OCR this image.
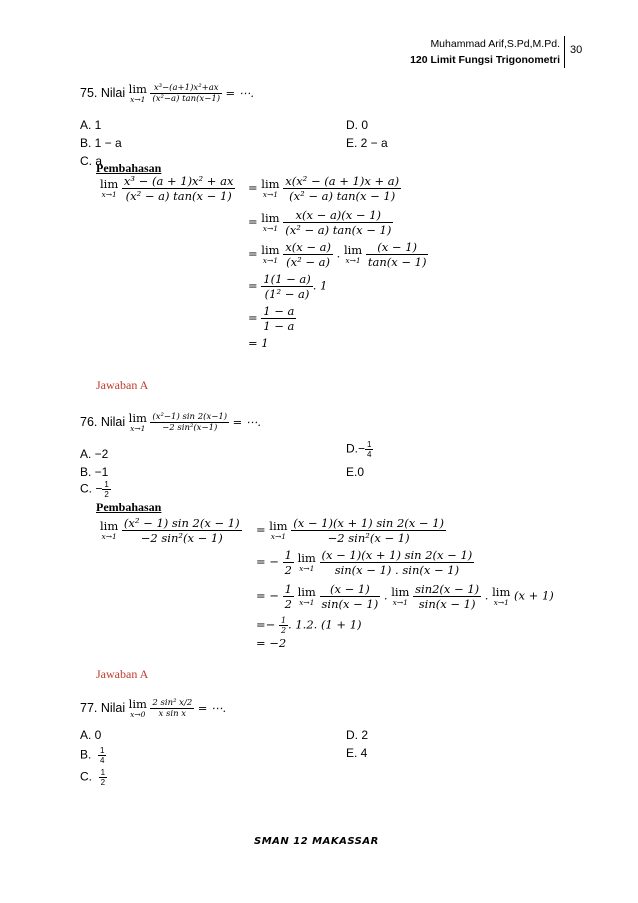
Muhammad Arif,S.Pd,M.Pd.
120 Limit Fungsi Trigonometri
30
75. Nilai lim
x→1
$\frac{\text{x³−(a+1)x²+ax}}{\text{(x²−a) tan(x−1)}}$ = ⋯.
A. 1
B. 1 − a
C. a
D. 0
E. 2 − a
Pembahasan
lim
x→1
$\frac{\text{x³ − (a + 1)x² + ax}}{\text{(x² − a) tan(x − 1)}} = \lim$
x→1
$\frac{\text{x(x² − (a + 1)x + a)}}{\text{(x² − a) tan(x − 1)}}$
= lim
x→1
$\frac{x(x - a)(x - 1)}{\text{(x² − a) tan(x − 1)}}$
= lim
x→1
$\frac{x(x - a)}{\text{(x² − a)}}$ . lim
x→1
$\frac{(x - 1)}{\tan(x - 1)}$
= $\frac{1(1 - a)}{\text{(1² − a)}}$ . 1
= $\frac{1 - a}{1 - a}$
= 1
Jawaban A
76. Nilai lim
x→1
$\frac{\text{(x²−1) sin 2(x−1)}}{\text{−2 sin²(x−1)}}$ = ⋯.
A. −2
B. −1
C. − $\frac{1}{2}$
$D.- \frac{1}{4}$
E.0
Pembahasan
lim
x→1
$\frac{\text{(x² − 1) sin 2(x − 1)}}{\text{−2 sin²(x − 1)}} = \lim$
x→1
$\frac{(x - 1)(x + 1) \sin 2(x - 1)}{\text{−2 sin²(x − 1)}}$
= − $\frac{1}{2}$
lim
x→1
$\frac{(x - 1)(x + 1) \sin 2(x - 1)}{\sin(x - 1) . \sin(x - 1)}$
= − $\frac{1}{2}$
lim
x→1
$\frac{(x - 1)}{\sin(x - 1)}$ . lim
x→1
$\frac{\sin 2(x - 1)}{\sin(x - 1)}$ . lim
x→1 (x + 1)
=− $\frac{1}{2}$ . 1.2. (1 + 1)
= −2
Jawaban A
77. Nilai lim
x→0
$\frac{\text{2 sin² x/2}}{\text{x sin x}}$ = ⋯.
A. 0
B. $\frac{1}{4}$
C. $\frac{1}{2}$
D. 2
E. 4
SMAN 12 MAKASSAR
